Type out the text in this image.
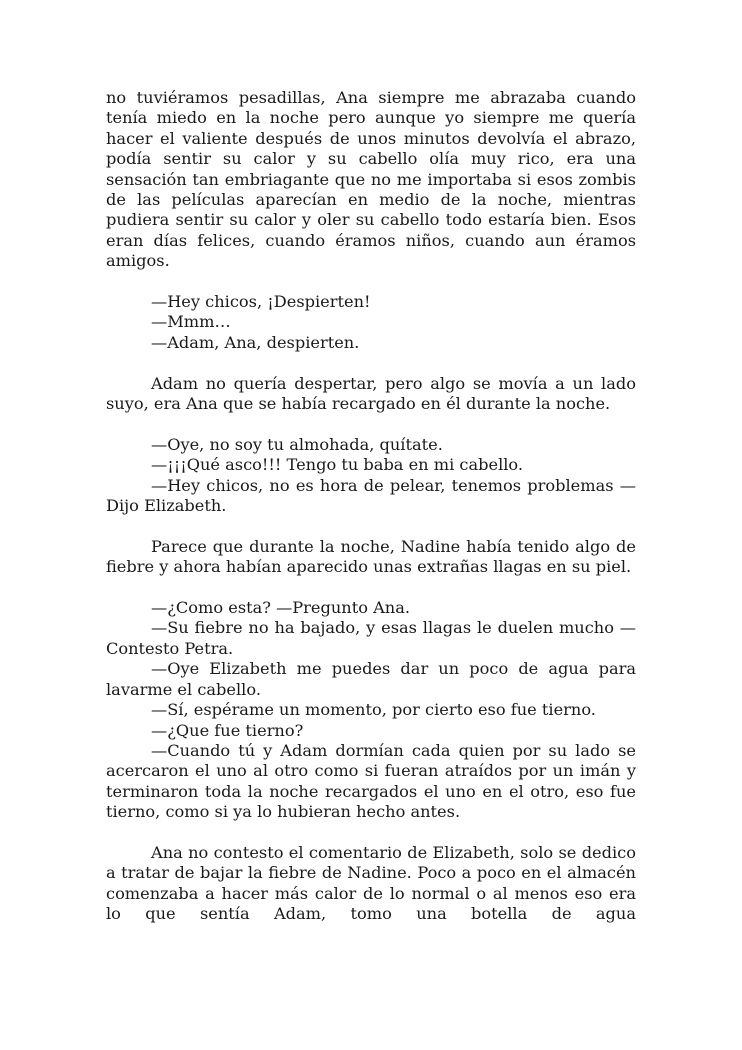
no tuviéramos pesadillas, Ana siempre me abrazaba cuando tenía miedo en la noche pero aunque yo siempre me quería hacer el valiente después de unos minutos devolvía el abrazo, podía sentir su calor y su cabello olía muy rico, era una sensación tan embriagante que no me importaba si esos zombis de las películas aparecían en medio de la noche, mientras pudiera sentir su calor y oler su cabello todo estaría bien. Esos eran días felices, cuando éramos niños, cuando aun éramos amigos.

—Hey chicos, ¡Despierten!

—Mmm…

—Adam, Ana, despierten.

Adam no quería despertar, pero algo se movía a un lado suyo, era Ana que se había recargado en él durante la noche.

—Oye, no soy tu almohada, quítate.

—¡¡¡Qué asco!!! Tengo tu baba en mi cabello.

—Hey chicos, no es hora de pelear, tenemos problemas —Dijo Elizabeth.

Parece que durante la noche, Nadine había tenido algo de fiebre y ahora habían aparecido unas extrañas llagas en su piel.

—¿Como esta? —Pregunto Ana.

—Su fiebre no ha bajado, y esas llagas le duelen mucho —Contesto Petra.

—Oye Elizabeth me puedes dar un poco de agua para lavarme el cabello.

—Sí, espérame un momento, por cierto eso fue tierno.

—¿Que fue tierno?

—Cuando tú y Adam dormían cada quien por su lado se acercaron el uno al otro como si fueran atraídos por un imán y terminaron toda la noche recargados el uno en el otro, eso fue tierno, como si ya lo hubieran hecho antes.

Ana no contesto el comentario de Elizabeth, solo se dedico a tratar de bajar la fiebre de Nadine. Poco a poco en el almacén comenzaba a hacer más calor de lo normal o al menos eso era lo que sentía Adam, tomo una botella de agua
